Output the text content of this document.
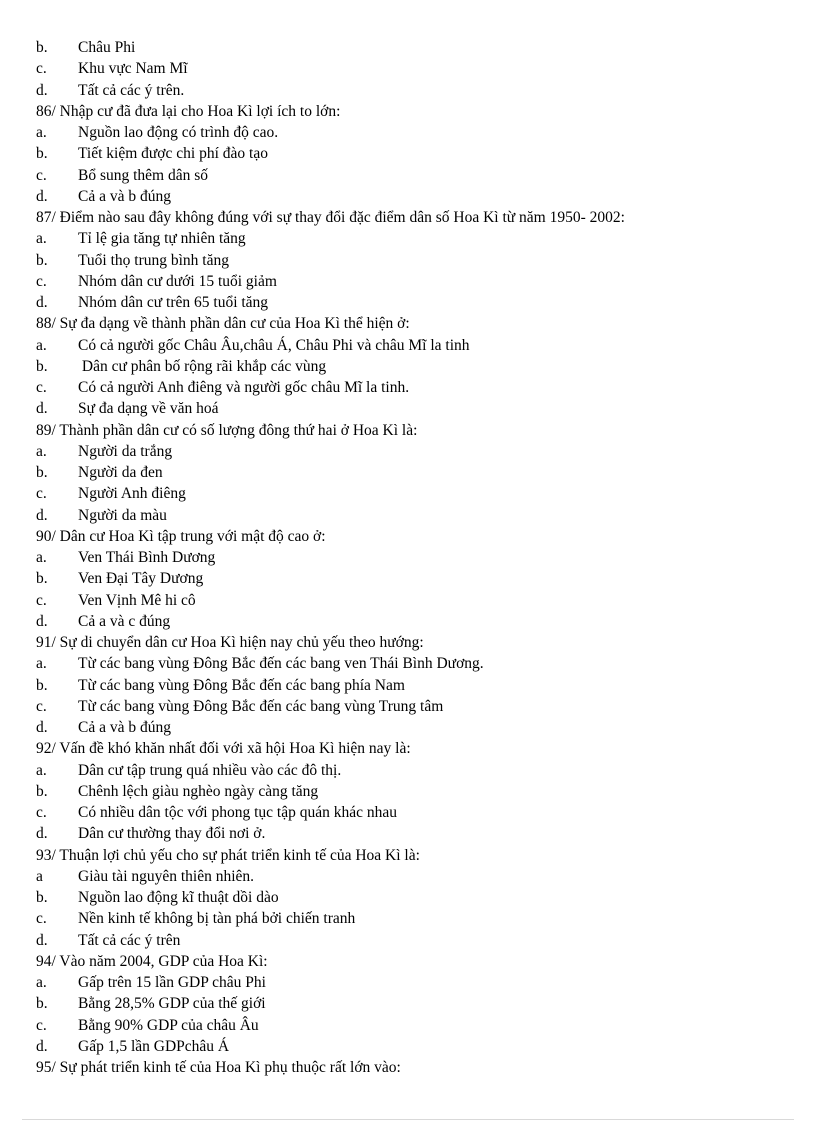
b. Châu Phi
c. Khu vực Nam Mĩ
d. Tất cả các ý trên.
86/ Nhập cư đã đưa lại cho Hoa Kì lợi ích to lớn:
a. Nguồn lao động có trình độ cao.
b. Tiết kiệm được chi phí đào tạo
c. Bổ sung thêm dân số
d. Cả a và b đúng
87/ Điểm nào sau đây không đúng với sự thay đổi đặc điểm dân số Hoa Kì từ năm 1950- 2002:
a. Tỉ lệ gia tăng tự nhiên tăng
b. Tuổi thọ trung bình tăng
c. Nhóm dân cư dưới 15 tuổi giảm
d. Nhóm dân cư trên 65 tuổi tăng
88/ Sự đa dạng về thành phần dân cư của Hoa Kì thể hiện ở:
a. Có cả người gốc Châu Âu,châu Á, Châu Phi và châu Mĩ la tinh
b. Dân cư phân bố rộng rãi khắp các vùng
c. Có cả người Anh điêng và người gốc châu Mĩ la tinh.
d. Sự đa dạng về văn hoá
89/ Thành phần dân cư có số lượng đông thứ hai ở Hoa Kì là:
a. Người da trắng
b. Người da đen
c. Người Anh điêng
d. Người da màu
90/ Dân cư Hoa Kì tập trung với mật độ cao ở:
a. Ven Thái Bình Dương
b. Ven Đại Tây Dương
c. Ven Vịnh Mê hi cô
d. Cả a và c đúng
91/ Sự di chuyển dân cư Hoa Kì hiện nay chủ yếu theo hướng:
a. Từ các bang vùng Đông Bắc đến các bang ven Thái Bình Dương.
b. Từ các bang vùng Đông Bắc đến các bang phía Nam
c. Từ các bang vùng Đông Bắc đến các bang vùng Trung tâm
d. Cả a và b đúng
92/ Vấn đề khó khăn nhất đối với xã hội Hoa Kì hiện nay là:
a. Dân cư tập trung quá nhiều vào các đô thị.
b. Chênh lệch giàu nghèo ngày càng tăng
c. Có nhiều dân tộc với phong tục tập quán khác nhau
d. Dân cư thường thay đổi nơi ở.
93/ Thuận lợi chủ yếu cho sự phát triển kinh tế của Hoa Kì là:
a Giàu tài nguyên thiên nhiên.
b. Nguồn lao động kĩ thuật dồi dào
c. Nền kinh tế không bị tàn phá bởi chiến tranh
d. Tất cả các ý trên
94/ Vào năm 2004, GDP của Hoa Kì:
a. Gấp trên 15 lần GDP châu Phi
b. Bằng 28,5% GDP của thế giới
c. Bằng 90% GDP của châu Âu
d. Gấp 1,5 lần GDPchâu Á
95/ Sự phát triển kinh tế của Hoa Kì phụ thuộc rất lớn vào:
